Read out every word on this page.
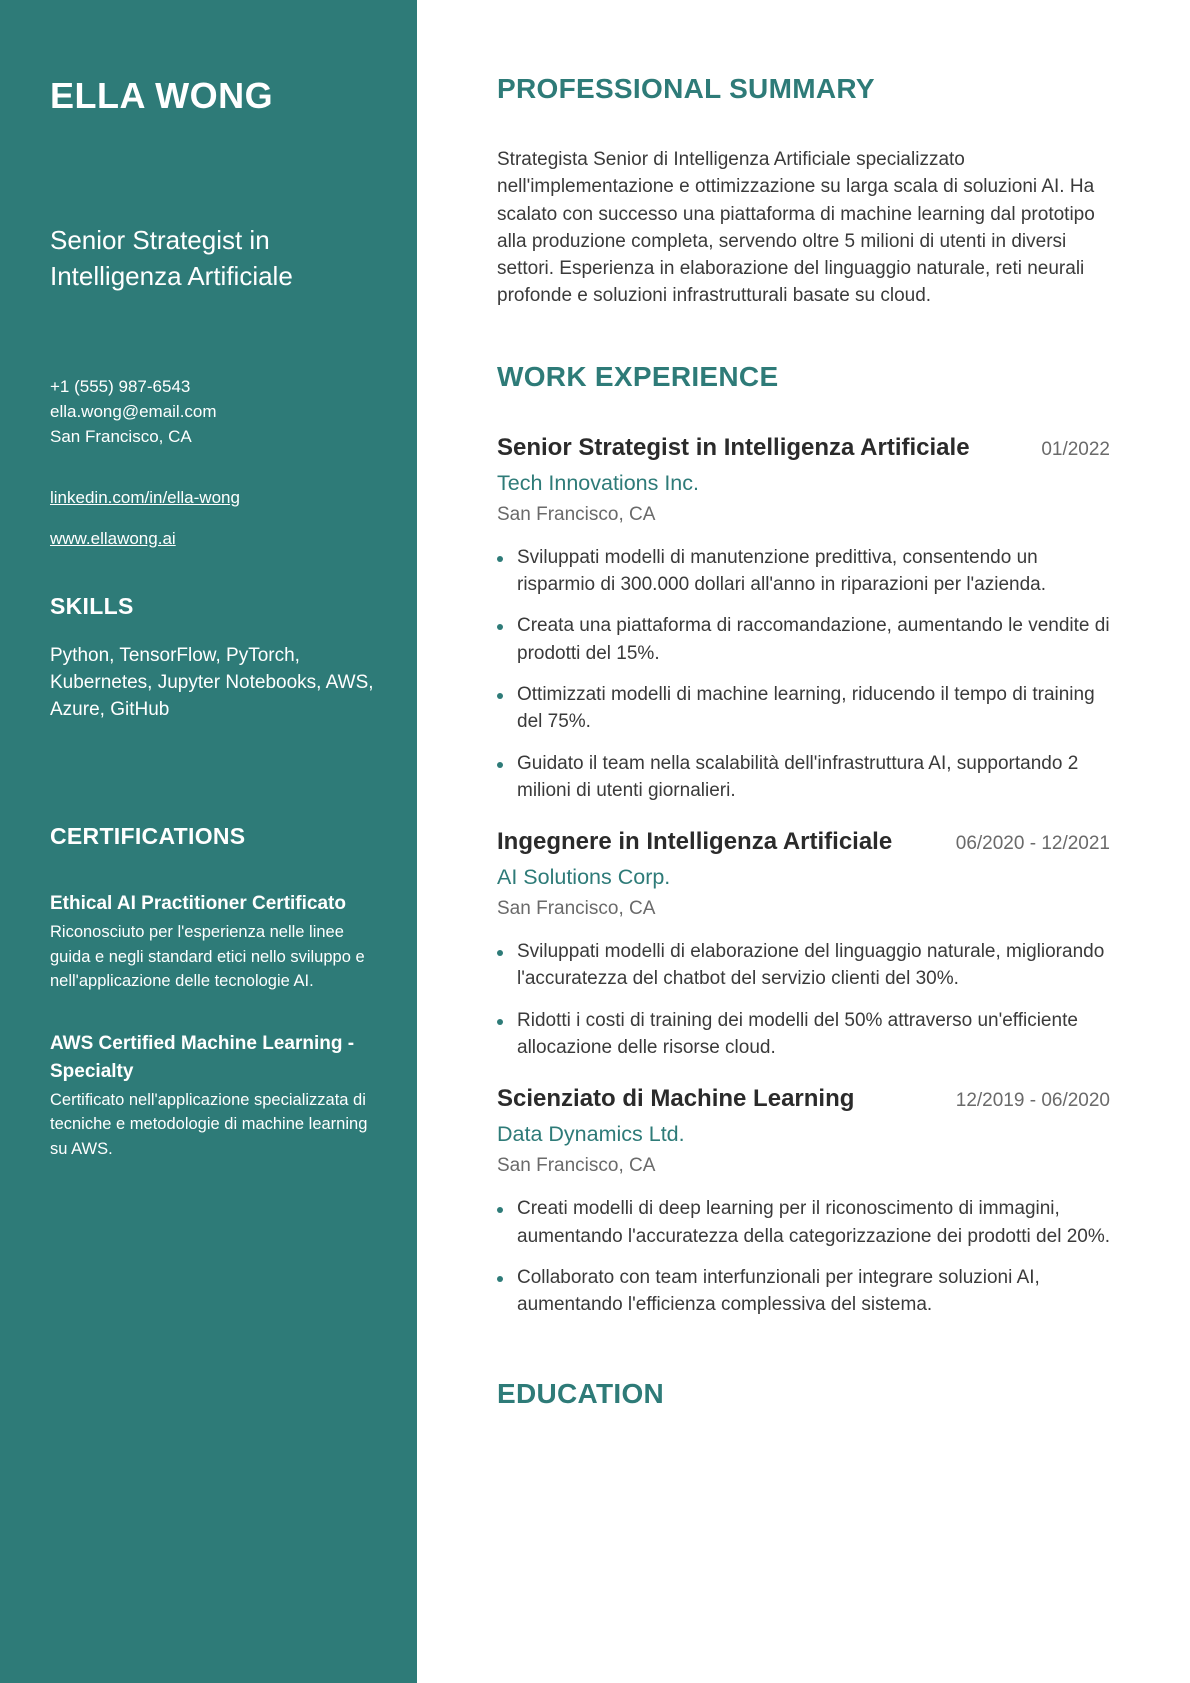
ELLA WONG
Senior Strategist in Intelligenza Artificiale
+1 (555) 987-6543
ella.wong@email.com
San Francisco, CA
linkedin.com/in/ella-wong
www.ellawong.ai
SKILLS
Python, TensorFlow, PyTorch, Kubernetes, Jupyter Notebooks, AWS, Azure, GitHub
CERTIFICATIONS
Ethical AI Practitioner Certificato
Riconosciuto per l'esperienza nelle linee guida e negli standard etici nello sviluppo e nell'applicazione delle tecnologie AI.
AWS Certified Machine Learning - Specialty
Certificato nell'applicazione specializzata di tecniche e metodologie di machine learning su AWS.
PROFESSIONAL SUMMARY

Strategista Senior di Intelligenza Artificiale specializzato nell'implementazione e ottimizzazione su larga scala di soluzioni AI. Ha scalato con successo una piattaforma di machine learning dal prototipo alla produzione completa, servendo oltre 5 milioni di utenti in diversi settori. Esperienza in elaborazione del linguaggio naturale, reti neurali profonde e soluzioni infrastrutturali basate su cloud.

WORK EXPERIENCE
Senior Strategist in Intelligenza Artificiale	01/2022
Tech Innovations Inc.
San Francisco, CA
Sviluppati modelli di manutenzione predittiva, consentendo un risparmio di 300.000 dollari all'anno in riparazioni per l'azienda.
Creata una piattaforma di raccomandazione, aumentando le vendite di prodotti del 15%.
Ottimizzati modelli di machine learning, riducendo il tempo di training del 75%.
Guidato il team nella scalabilità dell'infrastruttura AI, supportando 2 milioni di utenti giornalieri.
Ingegnere in Intelligenza Artificiale	06/2020 - 12/2021
AI Solutions Corp.
San Francisco, CA
Sviluppati modelli di elaborazione del linguaggio naturale, migliorando l'accuratezza del chatbot del servizio clienti del 30%.
Ridotti i costi di training dei modelli del 50% attraverso un'efficiente allocazione delle risorse cloud.
Scienziato di Machine Learning	12/2019 - 06/2020
Data Dynamics Ltd.
San Francisco, CA
Creati modelli di deep learning per il riconoscimento di immagini, aumentando l'accuratezza della categorizzazione dei prodotti del 20%.
Collaborato con team interfunzionali per integrare soluzioni AI, aumentando l'efficienza complessiva del sistema.
EDUCATION
